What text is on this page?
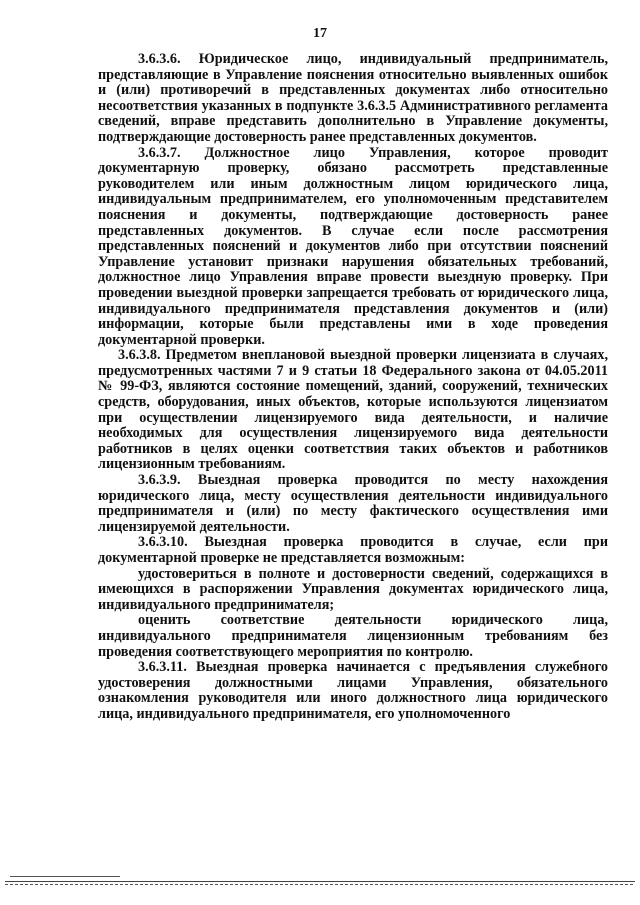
17

3.6.3.6. Юридическое лицо, индивидуальный предприниматель, представляющие в Управление пояснения относительно выявленных ошибок и (или) противоречий в представленных документах либо относительно несоответствия указанных в подпункте 3.6.3.5 Административного регламента сведений, вправе представить дополнительно в Управление документы, подтверждающие достоверность ранее представленных документов.

3.6.3.7. Должностное лицо Управления, которое проводит документарную проверку, обязано рассмотреть представленные руководителем или иным должностным лицом юридического лица, индивидуальным предпринимателем, его уполномоченным представителем пояснения и документы, подтверждающие достоверность ранее представленных документов. В случае если после рассмотрения представленных пояснений и документов либо при отсутствии пояснений Управление установит признаки нарушения обязательных требований, должностное лицо Управления вправе провести выездную проверку. При проведении выездной проверки запрещается требовать от юридического лица, индивидуального предпринимателя представления документов и (или) информации, которые были представлены ими в ходе проведения документарной проверки.

3.6.3.8. Предметом внеплановой выездной проверки лицензиата в случаях, предусмотренных частями 7 и 9 статьи 18 Федерального закона от 04.05.2011 № 99-ФЗ, являются состояние помещений, зданий, сооружений, технических средств, оборудования, иных объектов, которые используются лицензиатом при осуществлении лицензируемого вида деятельности, и наличие необходимых для осуществления лицензируемого вида деятельности работников в целях оценки соответствия таких объектов и работников лицензионным требованиям.

3.6.3.9. Выездная проверка проводится по месту нахождения юридического лица, месту осуществления деятельности индивидуального предпринимателя и (или) по месту фактического осуществления ими лицензируемой деятельности.

3.6.3.10. Выездная проверка проводится в случае, если при документарной проверке не представляется возможным:

удостовериться в полноте и достоверности сведений, содержащихся в имеющихся в распоряжении Управления документах юридического лица, индивидуального предпринимателя;

оценить соответствие деятельности юридического лица, индивидуального предпринимателя лицензионным требованиям без проведения соответствующего мероприятия по контролю.

3.6.3.11. Выездная проверка начинается с предъявления служебного удостоверения должностными лицами Управления, обязательного ознакомления руководителя или иного должностного лица юридического лица, индивидуального предпринимателя, его уполномоченного
